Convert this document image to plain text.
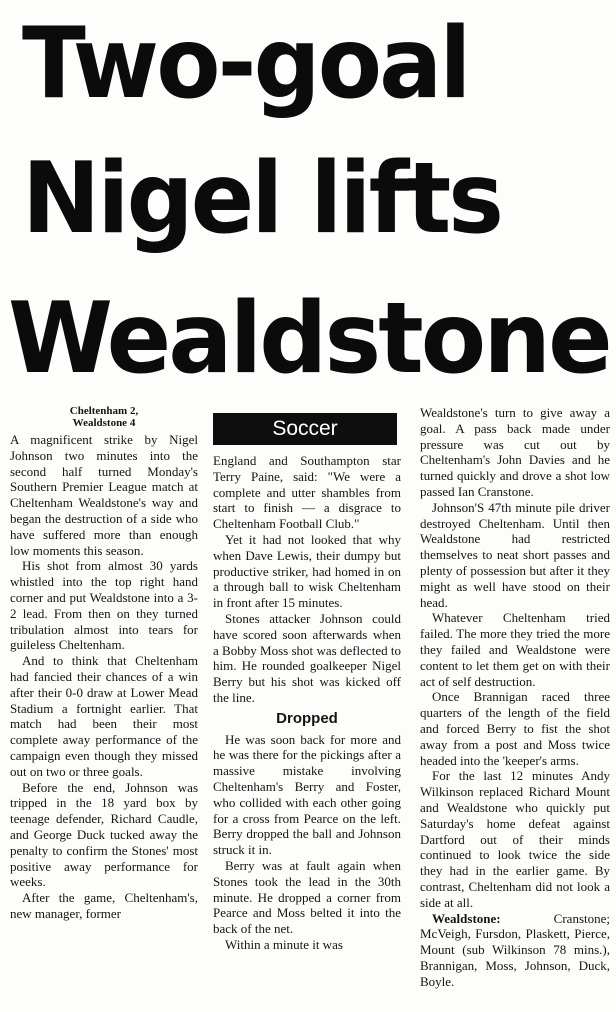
Two-goal
Nigel lifts
Wealdstone
Cheltenham 2,
Wealdstone 4

A magnificent strike by Nigel Johnson two minutes into the second half turned Monday's Southern Premier League match at Cheltenham Wealdstone's way and began the destruction of a side who have suffered more than enough low moments this season.

His shot from almost 30 yards whistled into the top right hand corner and put Wealdstone into a 3-2 lead. From then on they turned tribulation almost into tears for guileless Cheltenham.

And to think that Cheltenham had fancied their chances of a win after their 0-0 draw at Lower Mead Stadium a fortnight earlier. That match had been their most complete away performance of the campaign even though they missed out on two or three goals.

Before the end, Johnson was tripped in the 18 yard box by teenage defender, Richard Caudle, and George Duck tucked away the penalty to confirm the Stones' most positive away performance for weeks.

After the game, Cheltenham's, new manager, former

Soccer

England and Southampton star Terry Paine, said: "We were a complete and utter shambles from start to finish — a disgrace to Cheltenham Football Club."

Yet it had not looked that why when Dave Lewis, their dumpy but productive striker, had homed in on a through ball to wisk Cheltenham in front after 15 minutes.

Stones attacker Johnson could have scored soon afterwards when a Bobby Moss shot was deflected to him. He rounded goalkeeper Nigel Berry but his shot was kicked off the line.

Dropped

He was soon back for more and he was there for the pickings after a massive mistake involving Cheltenham's Berry and Foster, who collided with each other going for a cross from Pearce on the left. Berry dropped the ball and Johnson struck it in.

Berry was at fault again when Stones took the lead in the 30th minute. He dropped a corner from Pearce and Moss belted it into the back of the net.

Within a minute it was

Wealdstone's turn to give away a goal. A pass back made under pressure was cut out by Cheltenham's John Davies and he turned quickly and drove a shot low passed Ian Cranstone.

Johnson'S 47th minute pile driver destroyed Cheltenham. Until then Wealdstone had restricted themselves to neat short passes and plenty of possession but after it they might as well have stood on their head.

Whatever Cheltenham tried failed. The more they tried the more they failed and Wealdstone were content to let them get on with their act of self destruction.

Once Brannigan raced three quarters of the length of the field and forced Berry to fist the shot away from a post and Moss twice headed into the 'keeper's arms.

For the last 12 minutes Andy Wilkinson replaced Richard Mount and Wealdstone who quickly put Saturday's home defeat against Dartford out of their minds continued to look twice the side they had in the earlier game. By contrast, Cheltenham did not look a side at all.

Wealdstone: Cranstone; McVeigh, Fursdon, Plaskett, Pierce, Mount (sub Wilkinson 78 mins.), Brannigan, Moss, Johnson, Duck, Boyle.
